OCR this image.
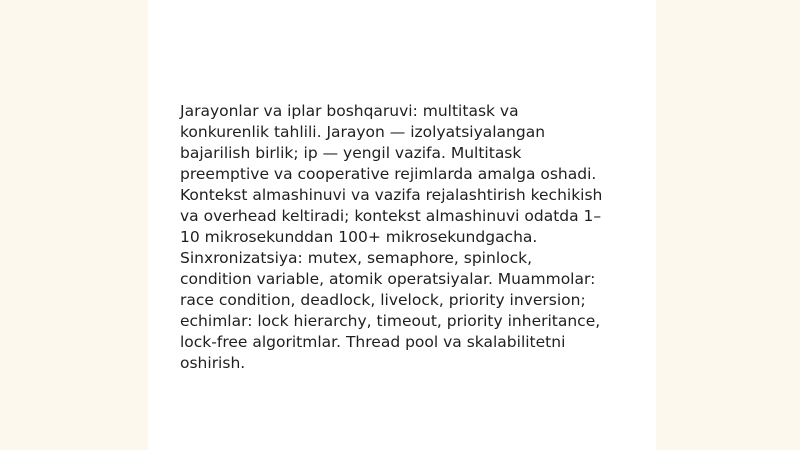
Jarayonlar va iplar boshqaruvi: multitask va
konkurenlik tahlili. Jarayon — izolyatsiyalangan
bajarilish birlik; ip — yengil vazifa. Multitask
preemptive va cooperative rejimlarda amalga oshadi.
Kontekst almashinuvi va vazifa rejalashtirish kechikish
va overhead keltiradi; kontekst almashinuvi odatda 1–
10 mikrosekunddan 100+ mikrosekundgacha.
Sinxronizatsiya: mutex, semaphore, spinlock,
condition variable, atomik operatsiyalar. Muammolar:
race condition, deadlock, livelock, priority inversion;
echimlar: lock hierarchy, timeout, priority inheritance,
lock-free algoritmlar. Thread pool va skalabilitetni
oshirish.
